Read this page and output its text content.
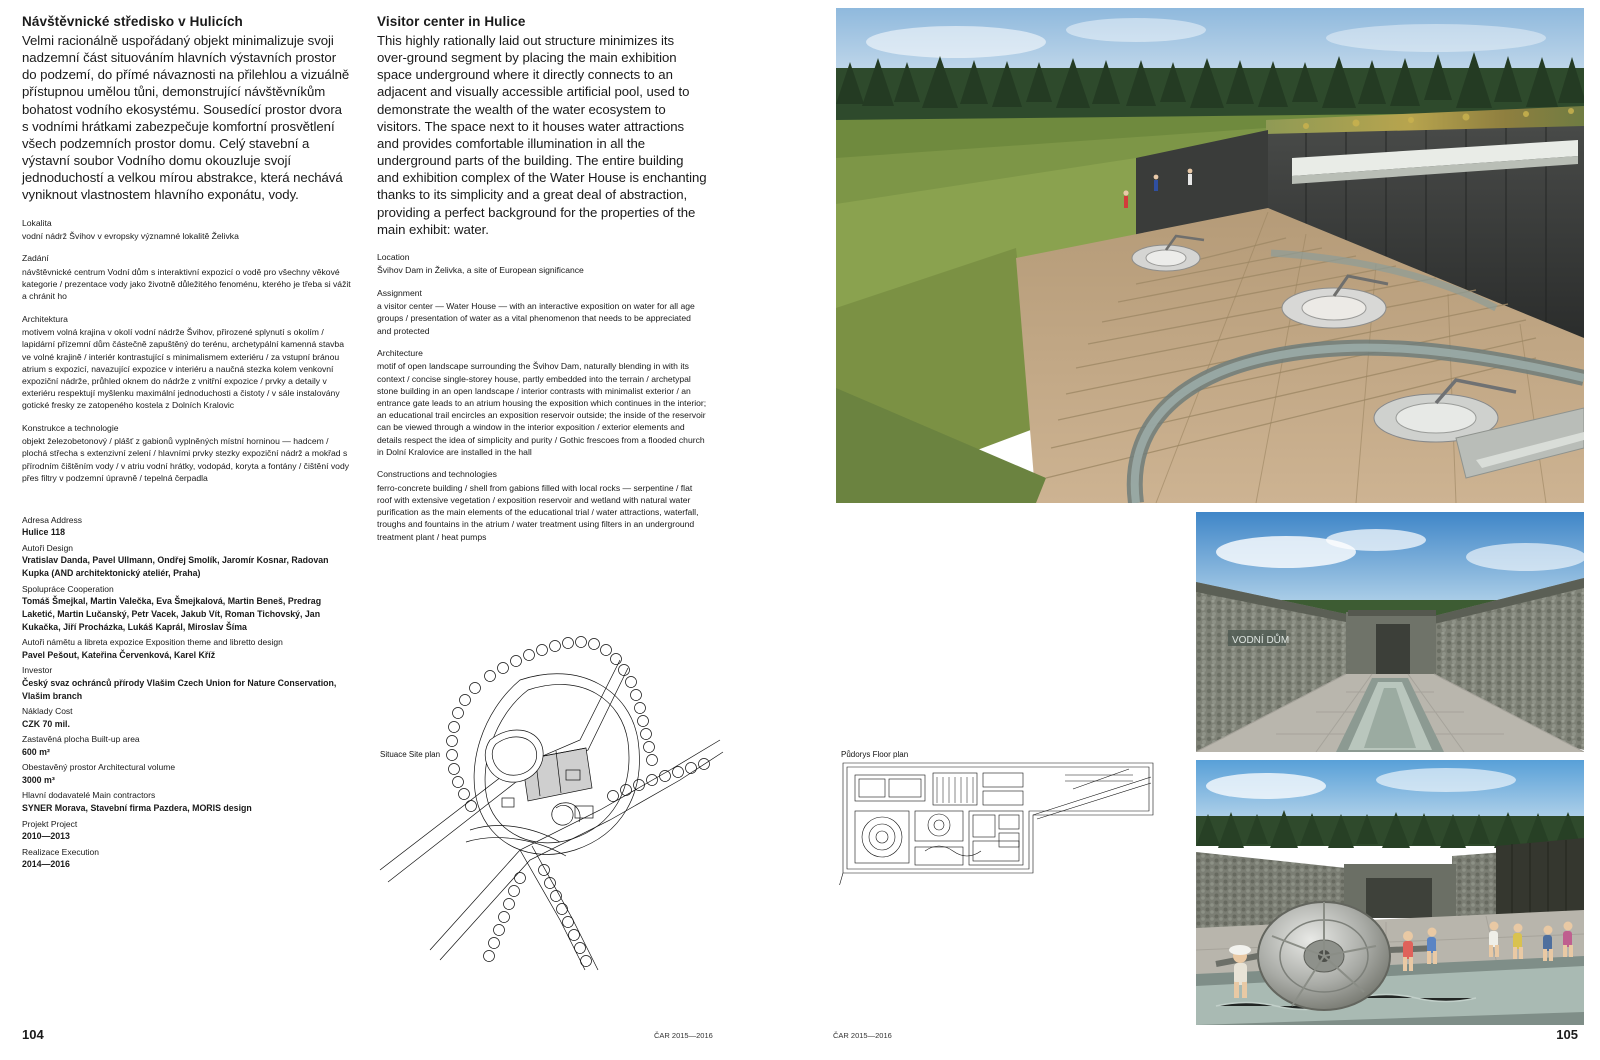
Návštěvnické středisko v Hulicích

Velmi racionálně uspořádaný objekt minimalizuje svoji nadzemní část situováním hlavních výstavních prostor do podzemí, do přímé návaznosti na přilehlou a vizuálně přístupnou umělou tůni, demonstrující návštěvníkům bohatost vodního ekosystému. Sousedící prostor dvora s vodními hrátkami zabezpečuje komfortní prosvětlení všech podzemních prostor domu. Celý stavební a výstavní soubor Vodního domu okouzluje svojí jednoduchostí a velkou mírou abstrakce, která nechává vyniknout vlastnostem hlavního exponátu, vody.

Lokalita

vodní nádrž Švihov v evropsky významné lokalitě Želivka

Zadání

návštěvnické centrum Vodní dům s interaktivní expozicí o vodě pro všechny věkové kategorie / prezentace vody jako životně důležitého fenoménu, kterého je třeba si vážit a chránit ho

Architektura

motivem volná krajina v okolí vodní nádrže Švihov, přirozené splynutí s okolím / lapidární přízemní dům částečně zapuštěný do terénu, archetypální kamenná stavba ve volné krajině / interiér kontrastující s minimalismem exteriéru / za vstupní bránou atrium s expozicí, navazující expozice v interiéru a naučná stezka kolem venkovní expoziční nádrže, průhled oknem do nádrže z vnitřní expozice / prvky a detaily v exteriéru respektují myšlenku maximální jednoduchosti a čistoty / v sále instalovány gotické fresky ze zatopeného kostela z Dolních Kralovic

Konstrukce a technologie

objekt železobetonový / plášť z gabionů vyplněných místní horninou — hadcem / plochá střecha s extenzivní zelení / hlavními prvky stezky expoziční nádrž a mokřad s přírodním čištěním vody / v atriu vodní hrátky, vodopád, koryta a fontány / čištění vody přes filtry v podzemní úpravně / tepelná čerpadla

Adresa Address

Hulice 118

Autoři Design

Vratislav Danda, Pavel Ullmann, Ondřej Smolík, Jaromír Kosnar, Radovan Kupka (AND architektonický ateliér, Praha)

Spolupráce Cooperation

Tomáš Šmejkal, Martin Valečka, Eva Šmejkalová, Martin Beneš, Predrag Laketić, Martin Lučanský, Petr Vacek, Jakub Vít, Roman Tichovský, Jan Kukačka, Jiří Procházka, Lukáš Kaprál, Miroslav Šíma

Autoři námětu a libreta expozice Exposition theme and libretto design

Pavel Pešout, Kateřina Červenková, Karel Kříž

Investor

Český svaz ochránců přírody Vlašim Czech Union for Nature Conservation, Vlašim branch

Náklady Cost

CZK 70 mil.

Zastavěná plocha Built-up area

600 m²

Obestavěný prostor Architectural volume

3000 m³

Hlavní dodavatelé Main contractors

SYNER Morava, Stavební firma Pazdera, MORIS design

Projekt Project

2010—2013

Realizace Execution

2014—2016

Visitor center in Hulice

This highly rationally laid out structure minimizes its over-ground segment by placing the main exhibition space underground where it directly connects to an adjacent and visually accessible artificial pool, used to demonstrate the wealth of the water ecosystem to visitors. The space next to it houses water attractions and provides comfortable illumination in all the underground parts of the building. The entire building and exhibition complex of the Water House is enchanting thanks to its simplicity and a great deal of abstraction, providing a perfect background for the properties of the main exhibit: water.

Location

Švihov Dam in Želivka, a site of European significance

Assignment

a visitor center — Water House — with an interactive exposition on water for all age groups / presentation of water as a vital phenomenon that needs to be appreciated and protected

Architecture

motif of open landscape surrounding the Švihov Dam, naturally blending in with its context / concise single-storey house, partly embedded into the terrain / archetypal stone building in an open landscape / interior contrasts with minimalist exterior / an entrance gate leads to an atrium housing the exposition which continues in the interior; an educational trail encircles an exposition reservoir outside; the inside of the reservoir can be viewed through a window in the interior exposition / exterior elements and details respect the idea of simplicity and purity / Gothic frescoes from a flooded church in Dolní Kralovice are installed in the hall

Constructions and technologies

ferro-concrete building / shell from gabions filled with local rocks — serpentine / flat roof with extensive vegetation / exposition reservoir and wetland with natural water purification as the main elements of the educational trial / water attractions, waterfall, troughs and fountains in the atrium / water treatment using filters in an underground treatment plant / heat pumps

Situace Site plan	Půdorys Floor plan
VODNÍ DŮM
104	105
ČAR 2015—2016	ČAR 2015—2016
